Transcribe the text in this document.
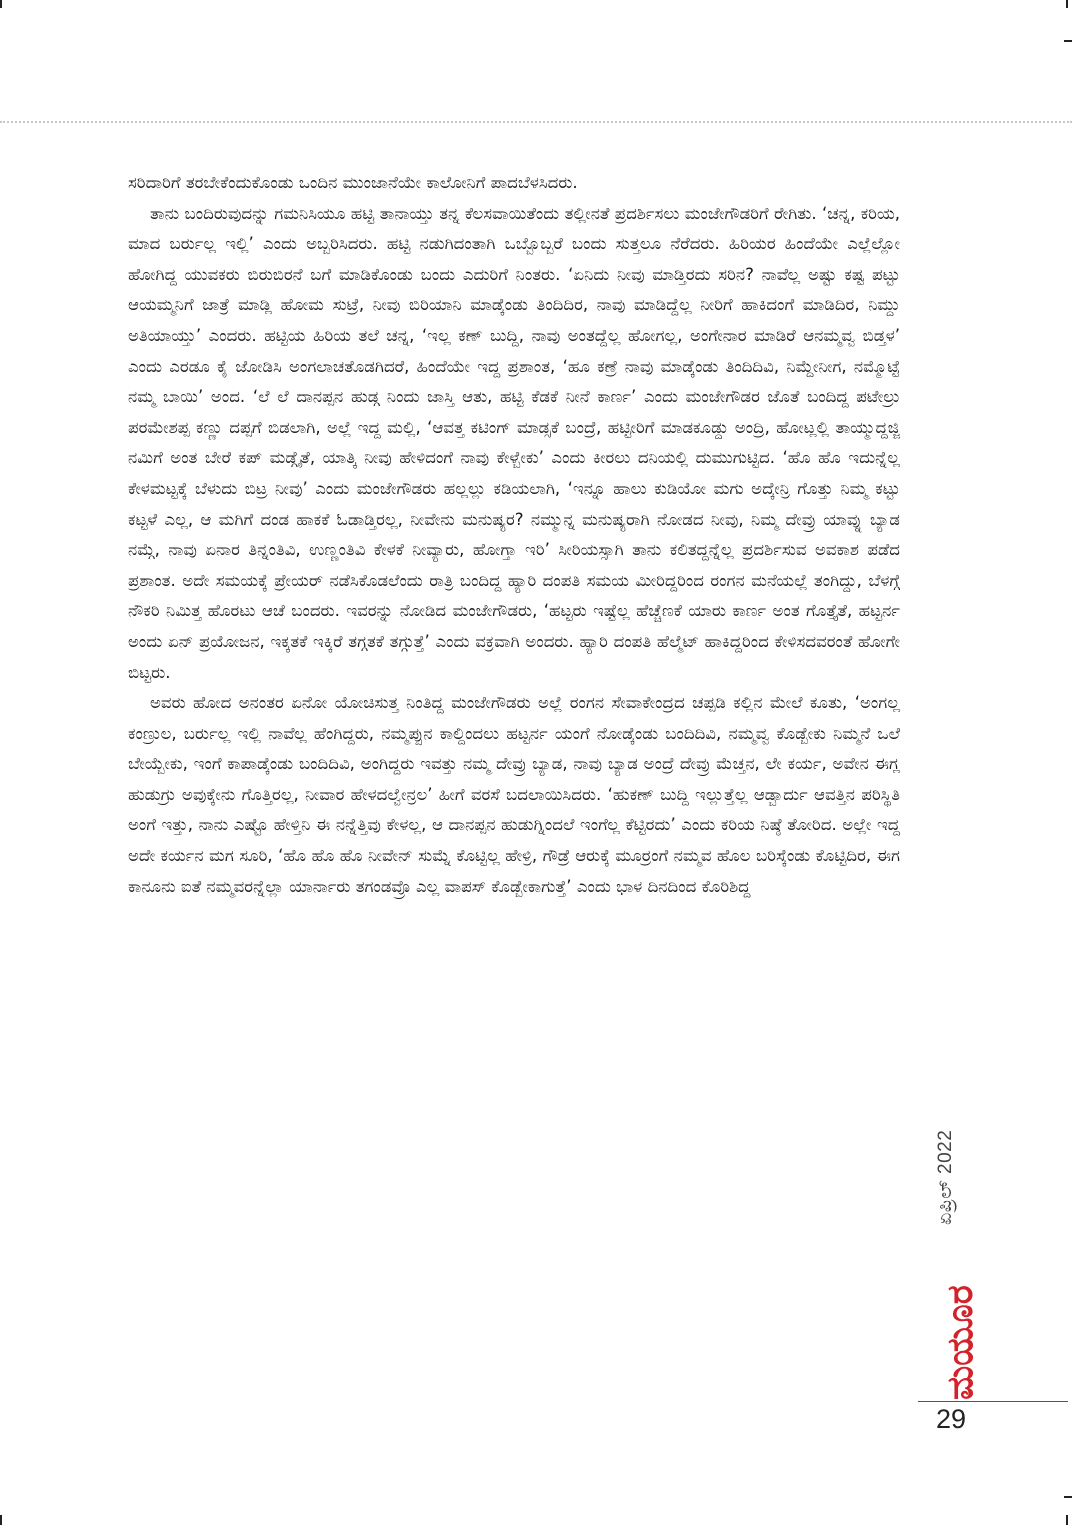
ಸರಿದಾರಿಗೆ ತರಬೇಕೆಂದುಕೊಂಡು ಒಂದಿನ ಮುಂಜಾನೆಯೇ ಕಾಲೋನಿಗೆ ಪಾದಬೆಳಸಿದರು.

ತಾನು ಬಂದಿರುವುದನ್ನು ಗಮನಿಸಿಯೂ ಹಟ್ಟಿ ತಾನಾಯ್ತು ತನ್ನ ಕೆಲಸವಾಯಿತೆಂದು ತಲ್ಲೀನತೆ ಪ್ರದರ್ಶಿಸಲು ಮಂಜೇಗೌಡರಿಗೆ ರೇಗಿತು. ‘ಚನ್ನ, ಕರಿಯ, ಮಾದ ಬರ್ರುಲ್ಲ ಇಲ್ಲಿ’ ಎಂದು ಅಬ್ಬರಿಸಿದರು. ಹಟ್ಟಿ ನಡುಗಿದಂತಾಗಿ ಒಬ್ಬೊಬ್ಬರೆ ಬಂದು ಸುತ್ತಲೂ ನೆರೆದರು. ಹಿರಿಯರ ಹಿಂದೆಯೇ ಎಲ್ಲೆಲ್ಲೋ ಹೋಗಿದ್ದ ಯುವಕರು ಬಿರುಬಿರನೆ ಬಗೆ ಮಾಡಿಕೊಂಡು ಬಂದು ಎದುರಿಗೆ ನಿಂತರು. ‘ಏನಿದು ನೀವು ಮಾಡ್ತಿರದು ಸರಿನ? ನಾವೆಲ್ಲ ಅಷ್ಟು ಕಷ್ಟ ಪಟ್ಟು ಆಯಮ್ಮನಿಗೆ ಜಾತ್ರೆ ಮಾಡ್ಲಿ ಹೋಮ ಸುಟ್ರೆ, ನೀವು ಬಿರಿಯಾನಿ ಮಾಡ್ಕೆಂಡು ತಿಂದಿದಿರ, ನಾವು ಮಾಡಿದ್ದೆಲ್ಲ ನೀರಿಗೆ ಹಾಕಿದಂಗೆ ಮಾಡಿದಿರ, ನಿಮ್ದು ಅತಿಯಾಯ್ತು’ ಎಂದರು. ಹಟ್ಟಿಯ ಹಿರಿಯ ತಲೆ ಚನ್ನ, ‘ಇಲ್ಲ ಕಣ್ ಬುದ್ದಿ, ನಾವು ಅಂತದ್ದೆಲ್ಲ ಹೋಗಲ್ಲ, ಅಂಗೇನಾರ ಮಾಡಿರೆ ಆನಮ್ಮವ್ವ ಬಿಡ್ತಳ’ ಎಂದು ಎರಡೂ ಕೈ ಜೋಡಿಸಿ ಅಂಗಲಾಚತೊಡಗಿದರೆ, ಹಿಂದೆಯೇ ಇದ್ದ ಪ್ರಶಾಂತ, ‘ಹೂ ಕಣ್ರೆ ನಾವು ಮಾಡ್ಕೆಂಡು ತಿಂದಿದಿವಿ, ನಿಮ್ದೇನೀಗ, ನಮ್ಮೊಟ್ಟೆ ನಮ್ಮ ಬಾಯಿ’ ಅಂದ. ‘ಲೆ ಲೆ ದಾನಪ್ಪನ ಹುಡ್ಗ ನಿಂದು ಜಾಸ್ತಿ ಆತು, ಹಟ್ಟಿ ಕೆಡಕೆ ನೀನೆ ಕಾರ್ಣ’ ಎಂದು ಮಂಜೇಗೌಡರ ಜೊತೆ ಬಂದಿದ್ದ ಪಟೇಲ್ರು ಪರಮೇಶಪ್ಪ ಕಣ್ಣು ದಪ್ಪಗೆ ಬಿಡಲಾಗಿ, ಅಲ್ಲೆ ಇದ್ದ ಮಲ್ಲಿ, ‘ಆವತ್ತ ಕಟಿಂಗ್ ಮಾಡ್ಸಕೆ ಬಂದ್ರೆ, ಹಟ್ಟೀರಿಗೆ ಮಾಡಕೂಡ್ದು ಅಂದ್ರಿ, ಹೋಟ್ಲಲ್ಲಿ ತಾಯ್ಮುದ್ದಜ್ಜಿ ನಮಿಗೆ ಅಂತ ಬೇರೆ ಕಪ್ ಮಡ್ಗೈತೆ, ಯಾತ್ಕಿ ನೀವು ಹೇಳಿದಂಗೆ ನಾವು ಕೇಳ್ಬೇಕು’ ಎಂದು ಕೀರಲು ದನಿಯಲ್ಲಿ ದುಮುಗುಟ್ಟಿದ. ‘ಹೊ ಹೊ ಇದುನ್ನೆಲ್ಲ ಕೇಳಮಟ್ಟಕ್ಕೆ ಬೆಳುದು ಬಿಟ್ರ ನೀವು’ ಎಂದು ಮಂಜೇಗೌಡರು ಹಲ್ಲಲ್ಲು ಕಡಿಯಲಾಗಿ, ‘ಇನ್ನೂ ಹಾಲು ಕುಡಿಯೋ ಮಗು ಅದ್ಕೇನ್ರಿ ಗೊತ್ತು ನಿಮ್ಮ ಕಟ್ಟು ಕಟ್ಟಳೆ ಎಲ್ಲ, ಆ ಮಗಿಗೆ ದಂಡ ಹಾಕಕೆ ಓಡಾಡ್ತಿರಲ್ಲ, ನೀವೇನು ಮನುಷ್ಯರ? ನಮ್ಮುನ್ನ ಮನುಷ್ಯರಾಗಿ ನೋಡದ ನೀವು, ನಿಮ್ಮ ದೇವ್ರು ಯಾವ್ನು ಬ್ಯಾಡ ನಮ್ಗೆ, ನಾವು ಏನಾರ ತಿನ್ನಂತಿವಿ, ಉಣ್ಣಂತಿವಿ ಕೇಳಕೆ ನೀವ್ಯಾರು, ಹೋಗ್ತಾ ಇರಿ’ ಸೀರಿಯಸ್ಸಾಗಿ ತಾನು ಕಲಿತದ್ದನ್ನೆಲ್ಲ ಪ್ರದರ್ಶಿಸುವ ಅವಕಾಶ ಪಡೆದ ಪ್ರಶಾಂತ. ಅದೇ ಸಮಯಕ್ಕೆ ಪ್ರೇಯರ್ ನಡೆಸಿಕೊಡಲೆಂದು ರಾತ್ರಿ ಬಂದಿದ್ದ ಹ್ಯಾರಿ ದಂಪತಿ ಸಮಯ ಮೀರಿದ್ದರಿಂದ ರಂಗನ ಮನೆಯಲ್ಲೆ ತಂಗಿದ್ದು, ಬೆಳಗ್ಗೆ ನೌಕರಿ ನಿಮಿತ್ತ ಹೊರಟು ಆಚೆ ಬಂದರು. ಇವರನ್ನು ನೋಡಿದ ಮಂಜೇಗೌಡರು, ‘ಹಟ್ಟರು ಇಷ್ಟೆಲ್ಲ ಹೆಚ್ಚೆಣಕೆ ಯಾರು ಕಾರ್ಣ ಅಂತ ಗೊತ್ತೈತೆ, ಹಟ್ಟರ್ನ ಅಂದು ಏನ್ ಪ್ರಯೋಜನ, ಇಕ್ಕತಕೆ ಇಕ್ಕಿರೆ ತಗ್ಗತಕೆ ತಗ್ಗುತ್ತೆ’ ಎಂದು ವಕ್ರವಾಗಿ ಅಂದರು. ಹ್ಯಾರಿ ದಂಪತಿ ಹೆಲ್ಮೆಟ್ ಹಾಕಿದ್ದರಿಂದ ಕೇಳಿಸದವರಂತೆ ಹೋಗೇ ಬಿಟ್ಟರು.

ಅವರು ಹೋದ ಅನಂತರ ಏನೋ ಯೋಚಿಸುತ್ತ ನಿಂತಿದ್ದ ಮಂಜೇಗೌಡರು ಅಲ್ಲೆ ರಂಗನ ಸೇವಾಕೇಂದ್ರದ ಚಪ್ಪಡಿ ಕಲ್ಲಿನ ಮೇಲೆ ಕೂತು, ‘ಅಂಗಲ್ಲ ಕಂಣ್ರುಲ, ಬರ್ರುಲ್ಲ ಇಲ್ಲಿ ನಾವೆಲ್ಲ ಹೆಂಗಿದ್ದರು, ನಮ್ಮಪ್ಪುನ ಕಾಲ್ದಿಂದಲು ಹಟ್ಟರ್ನ ಯಂಗೆ ನೋಡ್ಕೆಂಡು ಬಂದಿದಿವಿ, ನಮ್ಮವ್ವ ಕೊಡ್ಬೇಕು ನಿಮ್ಮನೆ ಒಲೆ ಬೇಯ್ಬೇಕು, ಇಂಗೆ ಕಾಪಾಡ್ಕೆಂಡು ಬಂದಿದಿವಿ, ಅಂಗಿದ್ದರು ಇವತ್ತು ನಮ್ಮ ದೇವ್ರು ಬ್ಯಾಡ, ನಾವು ಬ್ಯಾಡ ಅಂದ್ರೆ ದೇವ್ರು ಮೆಚ್ತನ, ಲೇ ಕರ್ಯ, ಅವೇನ ಈಗ್ಲ ಹುಡುಗ್ರು ಅವುಕ್ಕೇನು ಗೊತ್ತಿರಲ್ಲ, ನೀವಾರ ಹೇಳದಲ್ವೇನ್ರಲ’ ಹೀಗೆ ವರಸೆ ಬದಲಾಯಿಸಿದರು. ‘ಹುಕಣ್ ಬುದ್ದಿ ಇಲ್ಲುತ್ತೆಲ್ಲ ಆಡ್ಬಾರ್ದು ಆವತ್ತಿನ ಪರಿಸ್ಥಿತಿ ಅಂಗೆ ಇತ್ತು, ನಾನು ಎಷ್ಟೊ ಹೇಳ್ತಿನಿ ಈ ನನ್ನೆತ್ತಿವು ಕೇಳಲ್ಲ, ಆ ದಾನಪ್ಪನ ಹುಡುಗ್ನಿಂದಲೆ ಇಂಗೆಲ್ಲ ಕೆಟ್ಟಿರದು’ ಎಂದು ಕರಿಯ ನಿಷ್ಠೆ ತೋರಿದ. ಅಲ್ಲೇ ಇದ್ದ ಅದೇ ಕರ್ಯನ ಮಗ ಸೂರಿ, ‘ಹೊ ಹೊ ಹೊ ನೀವೇನ್ ಸುಮ್ನೆ ಕೊಟ್ಟಿಲ್ಲ ಹೇಳ್ರಿ, ಗೌಡ್ರೆ ಆರುಕ್ಕೆ ಮೂರ್ರಂಗೆ ನಮ್ಮವ ಹೊಲ ಬರಿಸ್ಕೆಂಡು ಕೊಟ್ಟಿದಿರ, ಈಗ ಕಾನೂನು ಐತೆ ನಮ್ಮವರನ್ನೆಲ್ಲಾ ಯಾರ್ನಾರು ತಗಂಡವ್ರೊ ಎಲ್ಲ ವಾಪಸ್ ಕೊಡ್ಬೇಕಾಗುತ್ತೆ’ ಎಂದು ಭಾಳ ದಿನದಿಂದ ಕೊರಿಶಿದ್ದ

ಏಪ್ರಿಲ್ 2022
ಮಯೂರ
29
